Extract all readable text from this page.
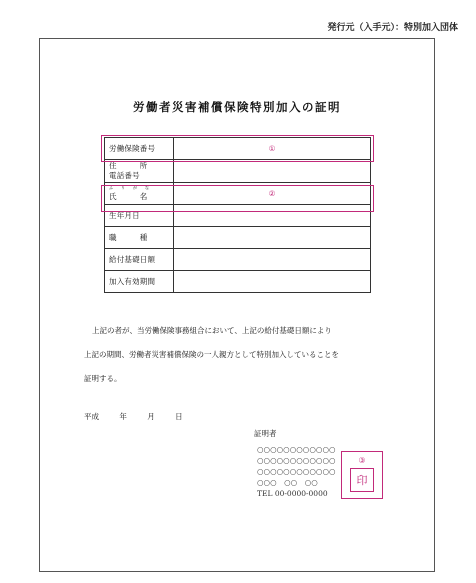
発行元（入手元）：特別加入団体
労働者災害補償保険特別加入の証明
労働保険番号	①

住　　　所
電話番号	

ふりがな
氏　　　名	②
生年月日	
職　　　種	
給付基礎日額	
加入有効期間	

上記の者が、当労働保険事務組合において、上記の給付基礎日額により

上記の期間、労働者災害補償保険の一人親方として特別加入していることを

証明する。

平成	年	月	日
証明者
○○○○○○○○○○○○
○○○○○○○○○○○○
○○○○○○○○○○○○
○○○　○○　○○
TEL 00-0000-0000
③
印
